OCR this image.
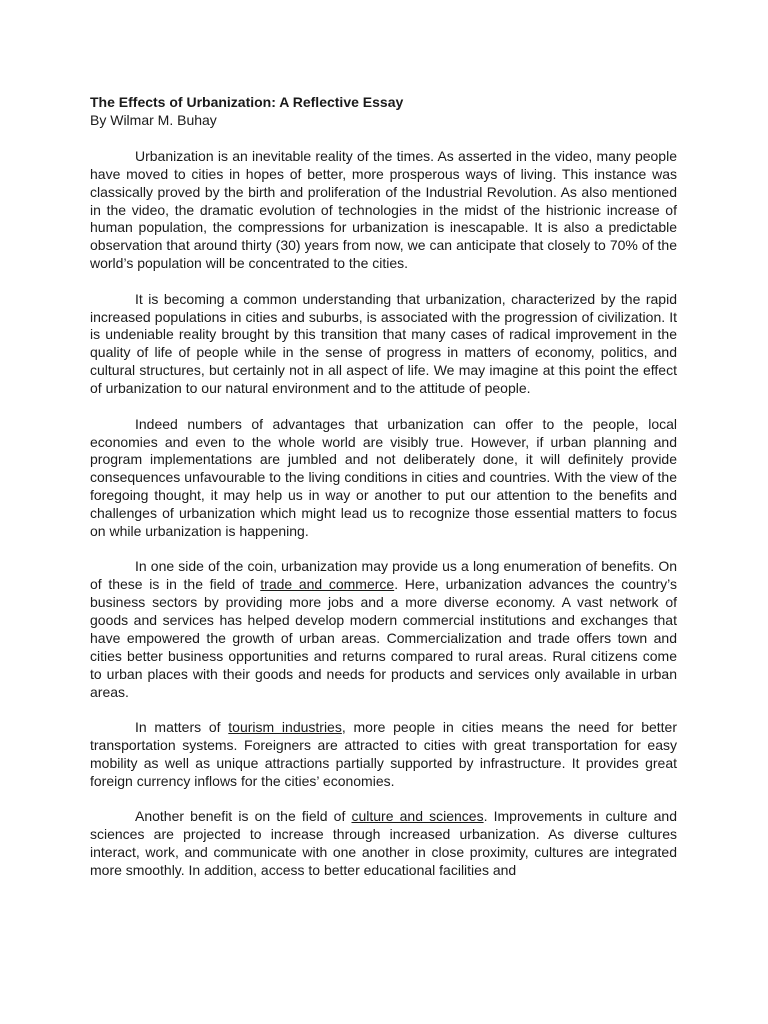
The Effects of Urbanization: A Reflective Essay

By Wilmar M. Buhay

Urbanization is an inevitable reality of the times. As asserted in the video, many people have moved to cities in hopes of better, more prosperous ways of living. This instance was classically proved by the birth and proliferation of the Industrial Revolution. As also mentioned in the video, the dramatic evolution of technologies in the midst of the histrionic increase of human population, the compressions for urbanization is inescapable. It is also a predictable observation that around thirty (30) years from now, we can anticipate that closely to 70% of the world’s population will be concentrated to the cities.

It is becoming a common understanding that urbanization, characterized by the rapid increased populations in cities and suburbs, is associated with the progression of civilization. It is undeniable reality brought by this transition that many cases of radical improvement in the quality of life of people while in the sense of progress in matters of economy, politics, and cultural structures, but certainly not in all aspect of life. We may imagine at this point the effect of urbanization to our natural environment and to the attitude of people.

Indeed numbers of advantages that urbanization can offer to the people, local economies and even to the whole world are visibly true. However, if urban planning and program implementations are jumbled and not deliberately done, it will definitely provide consequences unfavourable to the living conditions in cities and countries. With the view of the foregoing thought, it may help us in way or another to put our attention to the benefits and challenges of urbanization which might lead us to recognize those essential matters to focus on while urbanization is happening.

In one side of the coin, urbanization may provide us a long enumeration of benefits. On of these is in the field of trade and commerce. Here, urbanization advances the country’s business sectors by providing more jobs and a more diverse economy. A vast network of goods and services has helped develop modern commercial institutions and exchanges that have empowered the growth of urban areas. Commercialization and trade offers town and cities better business opportunities and returns compared to rural areas. Rural citizens come to urban places with their goods and needs for products and services only available in urban areas.

In matters of tourism industries, more people in cities means the need for better transportation systems. Foreigners are attracted to cities with great transportation for easy mobility as well as unique attractions partially supported by infrastructure. It provides great foreign currency inflows for the cities’ economies.

Another benefit is on the field of culture and sciences. Improvements in culture and sciences are projected to increase through increased urbanization. As diverse cultures interact, work, and communicate with one another in close proximity, cultures are integrated more smoothly. In addition, access to better educational facilities and
